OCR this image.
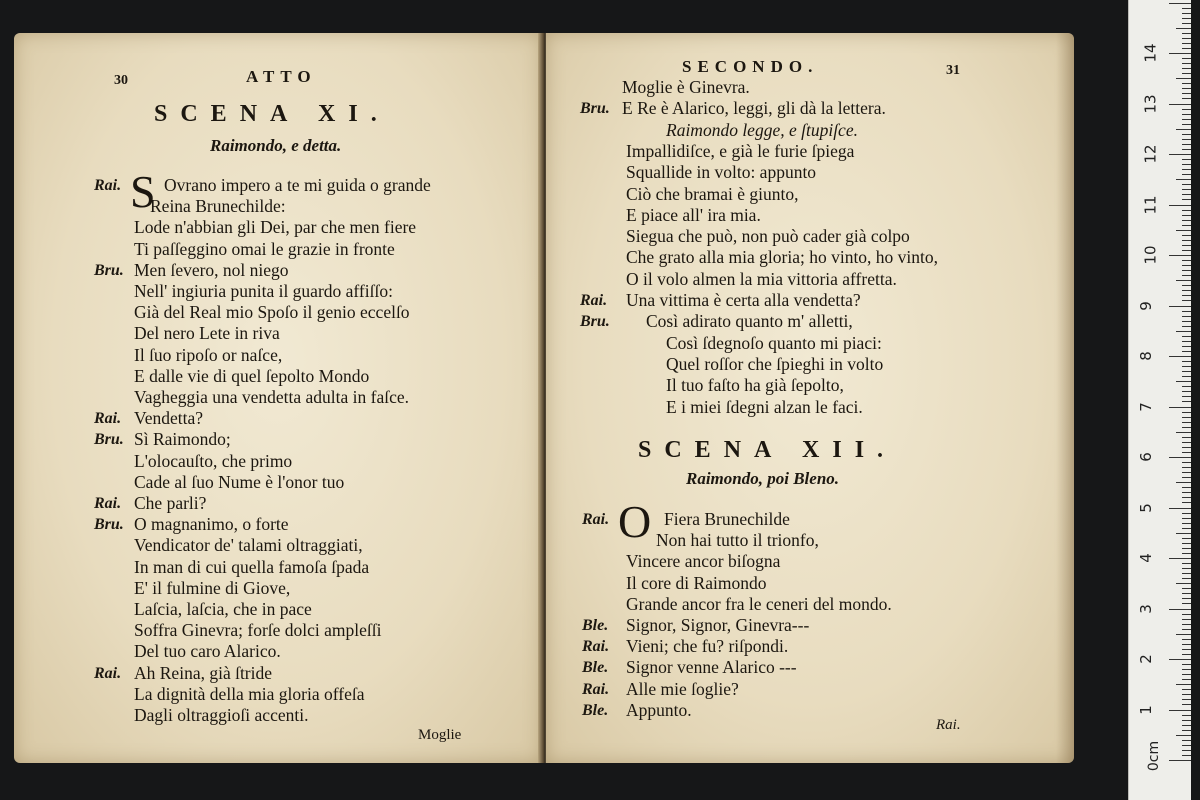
30	ATTO
SCENA XI.
Raimondo, e detta.
S
Rai. Ovrano impero a te mi guida o grande
Reina Brunechilde:
Lode n'abbian gli Dei, par che men fiere
Ti paſſeggino omai le grazie in fronte
Bru. Men ſevero, nol niego
Nell' ingiuria punita il guardo affiſſo:
Già del Real mio Spoſo il genio eccelſo
Del nero Lete in riva
Il ſuo ripoſo or naſce,
E dalle vie di quel ſepolto Mondo
Vagheggia una vendetta adulta in faſce.
Rai. Vendetta?
Bru. Sì Raimondo;
L'olocauſto, che primo
Cade al ſuo Nume è l'onor tuo
Rai. Che parli?
Bru. O magnanimo, o forte
Vendicator de' talami oltraggiati,
In man di cui quella famoſa ſpada
E' il fulmine di Giove,
Laſcia, laſcia, che in pace
Soffra Ginevra; forſe dolci ampleſſi
Del tuo caro Alarico.
Rai. Ah Reina, già ſtride
La dignità della mia gloria offeſa
Dagli oltraggioſi accenti.
Moglie
SECONDO.	31
Moglie è Ginevra.
Bru. E Re è Alarico, leggi, gli dà la lettera.
Raimondo legge, e ſtupiſce.
Impallidiſce, e già le furie ſpiega
Squallide in volto: appunto
Ciò che bramai è giunto,
E piace all' ira mia.
Siegua che può, non può cader già colpo
Che grato alla mia gloria; ho vinto, ho vinto,
O il volo almen la mia vittoria affretta.
Rai. Una vittima è certa alla vendetta?
Bru. Così adirato quanto m' alletti,
Così ſdegnoſo quanto mi piaci:
Quel roſſor che ſpieghi in volto
Il tuo faſto ha già ſepolto,
E i miei ſdegni alzan le faci.
SCENA XII.
Raimondo, poi Bleno.
O
Rai.	Fiera Brunechilde
Non hai tutto il trionfo,
Vincere ancor biſogna
Il core di Raimondo
Grande ancor fra le ceneri del mondo.
Ble. Signor, Signor, Ginevra---
Rai. Vieni; che fu? riſpondi.
Ble. Signor venne Alarico ---
Rai. Alle mie ſoglie?
Ble. Appunto.
Rai.
0cm
1
2
3
4
5
6
7
8
9
10
11
12
13
14
